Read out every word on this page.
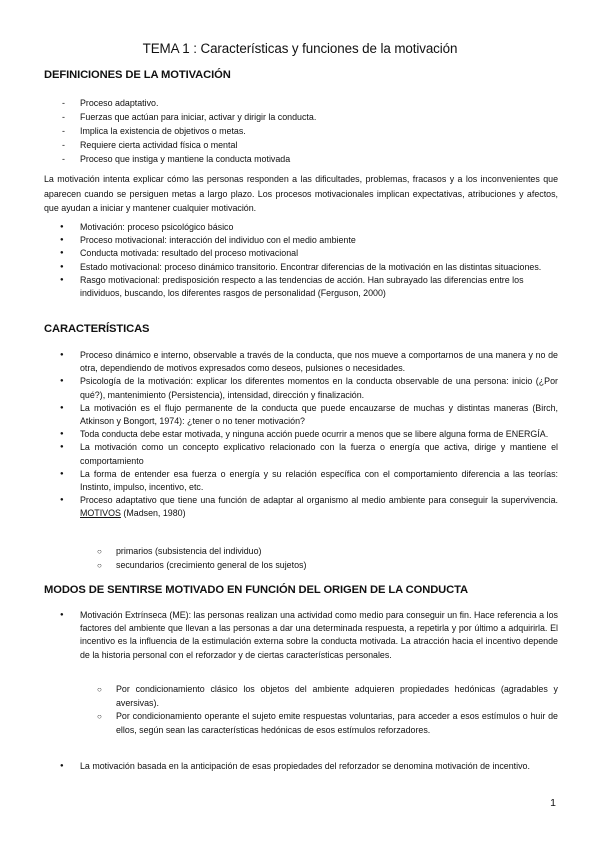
TEMA 1 : Características y funciones de la motivación
DEFINICIONES DE LA MOTIVACIÓN
- Proceso adaptativo.
- Fuerzas que actúan para iniciar, activar y dirigir la conducta.
- Implica la existencia de objetivos o metas.
- Requiere cierta actividad física o mental
- Proceso que instiga y mantiene la conducta motivada

La motivación intenta explicar cómo las personas responden a las dificultades, problemas, fracasos y a los inconvenientes que aparecen cuando se persiguen metas a largo plazo. Los procesos motivacionales implican expectativas, atribuciones y afectos, que ayudan a iniciar y mantener cualquier motivación.

● Motivación: proceso psicológico básico
● Proceso motivacional: interacción del individuo con el medio ambiente
● Conducta motivada: resultado del proceso motivacional
● Estado motivacional: proceso dinámico transitorio. Encontrar diferencias de la motivación en las distintas situaciones.
● Rasgo motivacional: predisposición respecto a las tendencias de acción. Han subrayado las diferencias entre los individuos, buscando, los diferentes rasgos de personalidad (Ferguson, 2000)
CARACTERÍSTICAS
● Proceso dinámico e interno, observable a través de la conducta, que nos mueve a comportarnos de una manera y no de otra, dependiendo de motivos expresados como deseos, pulsiones o necesidades.
● Psicología de la motivación: explicar los diferentes momentos en la conducta observable de una persona: inicio (¿Por qué?), mantenimiento (Persistencia), intensidad, dirección y finalización.
● La motivación es el flujo permanente de la conducta que puede encauzarse de muchas y distintas maneras (Birch, Atkinson y Bongort, 1974): ¿tener o no tener motivación?
● Toda conducta debe estar motivada, y ninguna acción puede ocurrir a menos que se libere alguna forma de ENERGÍA.
● La motivación como un concepto explicativo relacionado con la fuerza o energía que activa, dirige y mantiene el comportamiento
● La forma de entender esa fuerza o energía y su relación específica con el comportamiento diferencia a las teorías: Instinto, impulso, incentivo, etc.
● Proceso adaptativo que tiene una función de adaptar al organismo al medio ambiente para conseguir la supervivencia. MOTIVOS (Madsen, 1980)
○ primarios (subsistencia del individuo)
○ secundarios (crecimiento general de los sujetos)
MODOS DE SENTIRSE MOTIVADO EN FUNCIÓN DEL ORIGEN DE LA CONDUCTA
● Motivación Extrínseca (ME): las personas realizan una actividad como medio para conseguir un fin. Hace referencia a los factores del ambiente que llevan a las personas a dar una determinada respuesta, a repetirla y por último a adquirirla. El incentivo es la influencia de la estimulación externa sobre la conducta motivada. La atracción hacia el incentivo depende de la historia personal con el reforzador y de ciertas características personales.
○ Por condicionamiento clásico los objetos del ambiente adquieren propiedades hedónicas (agradables y aversivas).
○ Por condicionamiento operante el sujeto emite respuestas voluntarias, para acceder a esos estímulos o huir de ellos, según sean las características hedónicas de esos estímulos reforzadores.
● La motivación basada en la anticipación de esas propiedades del reforzador se denomina motivación de incentivo.
1
